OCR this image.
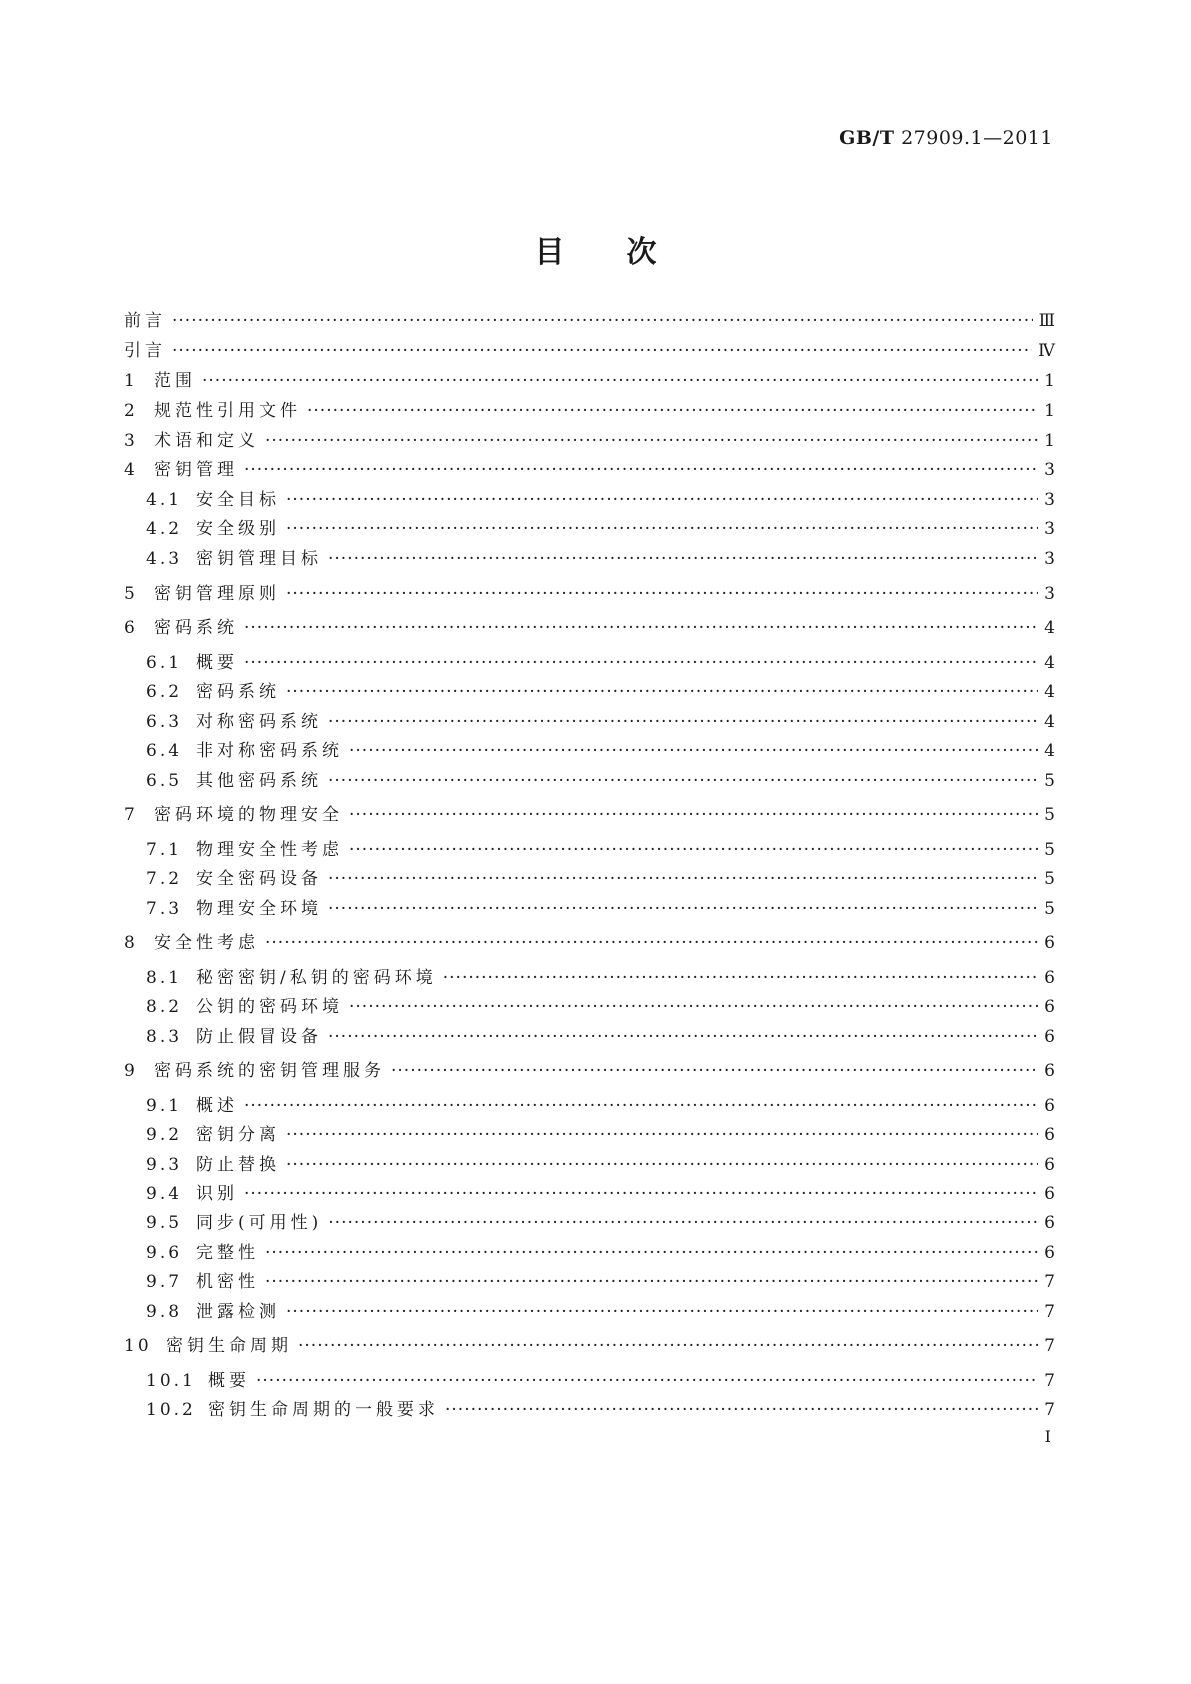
GB/T 27909.1—2011
目次
前言 ·····	Ⅲ
引言 ·····	Ⅳ
1 范围 ·····	1
2 规范性引用文件 ·····	1
3 术语和定义 ·····	1
4 密钥管理 ·····	3
4.1 安全目标 ·····	3
4.2 安全级别 ·····	3
4.3 密钥管理目标 ·····	3
5 密钥管理原则 ·····	3
6 密码系统 ·····	4
6.1 概要 ·····	4
6.2 密码系统 ·····	4
6.3 对称密码系统 ·····	4
6.4 非对称密码系统 ·····	4
6.5 其他密码系统 ·····	5
7 密码环境的物理安全 ·····	5
7.1 物理安全性考虑 ·····	5
7.2 安全密码设备 ·····	5
7.3 物理安全环境 ·····	5
8 安全性考虑 ·····	6
8.1 秘密密钥/私钥的密码环境 ·····	6
8.2 公钥的密码环境 ·····	6
8.3 防止假冒设备 ·····	6
9 密码系统的密钥管理服务 ·····	6
9.1 概述 ·····	6
9.2 密钥分离 ·····	6
9.3 防止替换 ·····	6
9.4 识别 ·····	6
9.5 同步(可用性) ·····	6
9.6 完整性 ·····	6
9.7 机密性 ·····	7
9.8 泄露检测 ·····	7
10 密钥生命周期 ·····	7
10.1 概要 ·····	7
10.2 密钥生命周期的一般要求 ·····	7
Ⅰ
